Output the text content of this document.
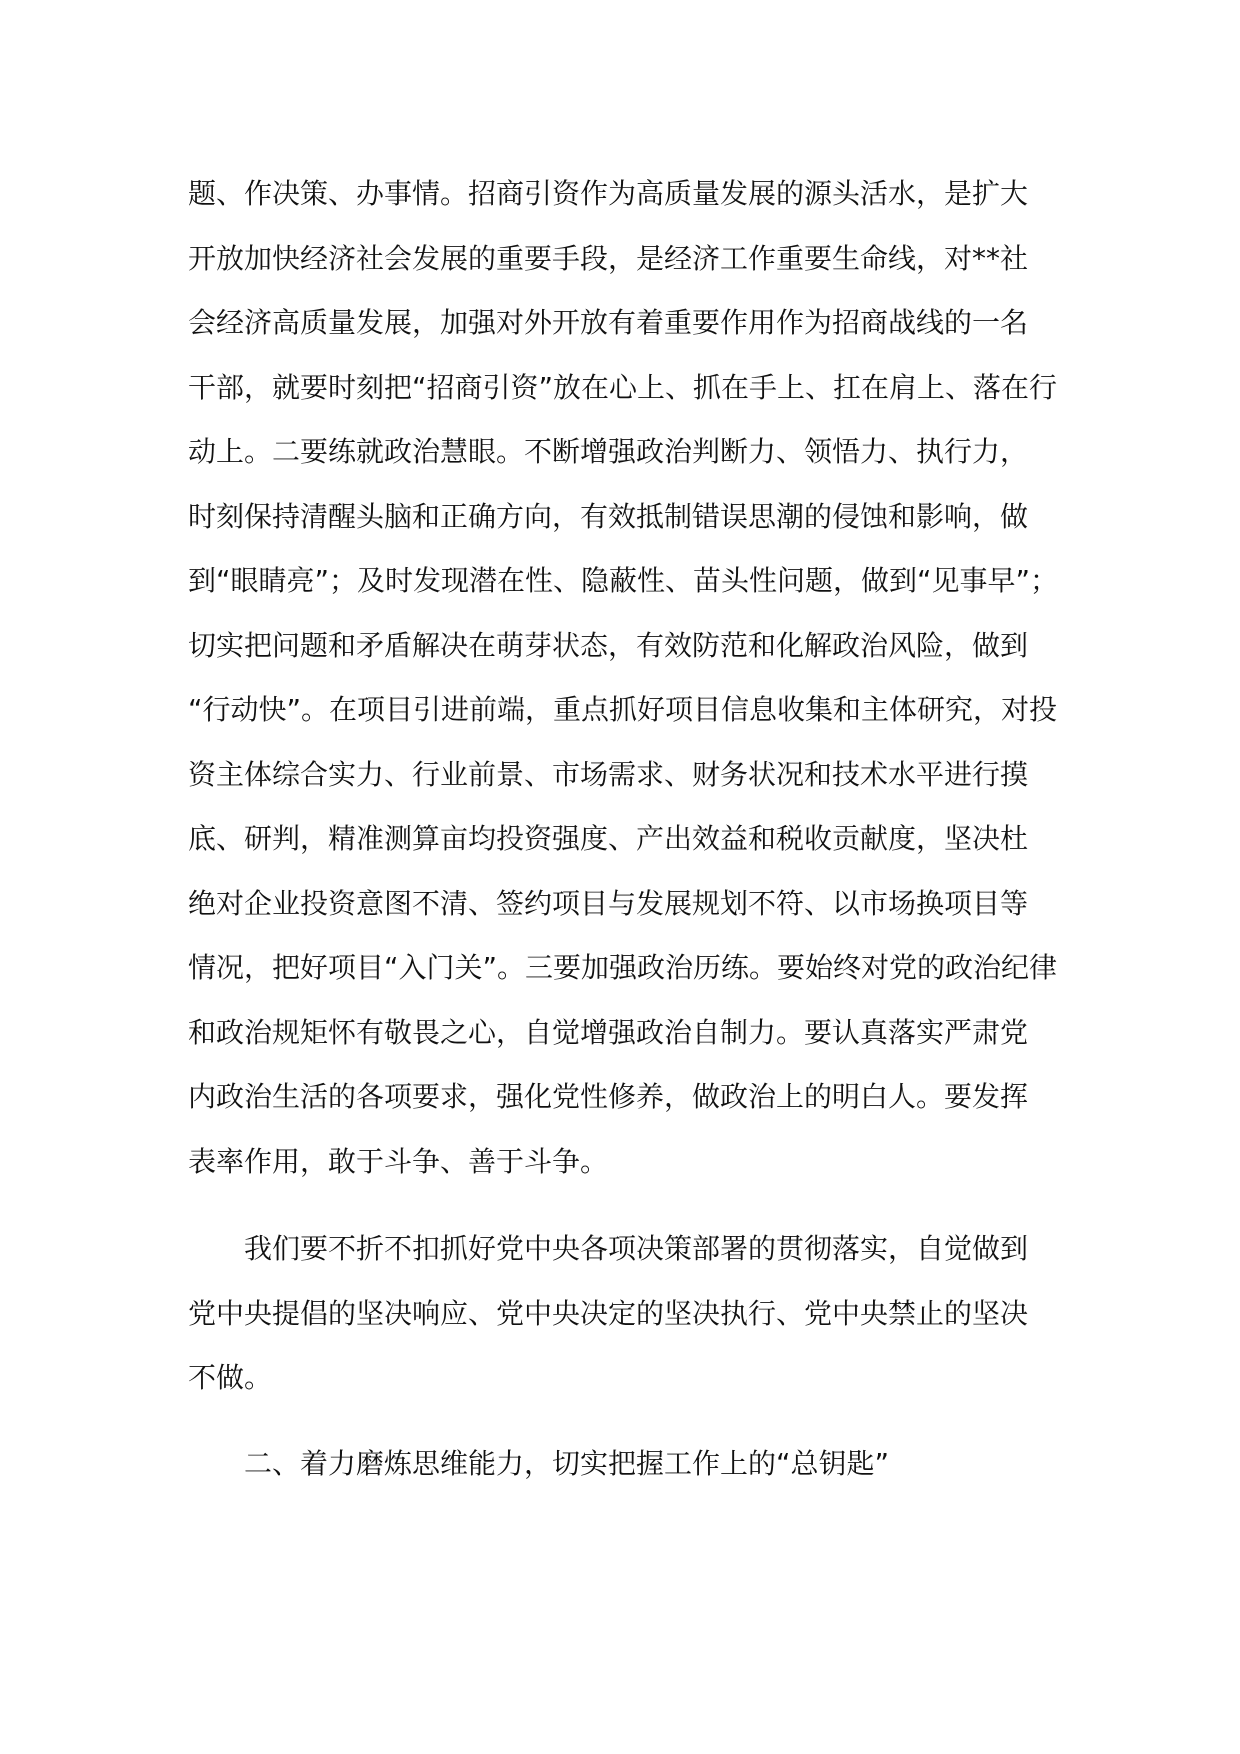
题、作决策、办事情。招商引资作为高质量发展的源头活水，是扩大
开放加快经济社会发展的重要手段，是经济工作重要生命线，对**社
会经济高质量发展，加强对外开放有着重要作用作为招商战线的一名
干部，就要时刻把“招商引资”放在心上、抓在手上、扛在肩上、落在行
动上。二要练就政治慧眼。不断增强政治判断力、领悟力、执行力，
时刻保持清醒头脑和正确方向，有效抵制错误思潮的侵蚀和影响，做
到“眼睛亮”；及时发现潜在性、隐蔽性、苗头性问题，做到“见事早”；
切实把问题和矛盾解决在萌芽状态，有效防范和化解政治风险，做到
“行动快”。在项目引进前端，重点抓好项目信息收集和主体研究，对投
资主体综合实力、行业前景、市场需求、财务状况和技术水平进行摸
底、研判，精准测算亩均投资强度、产出效益和税收贡献度，坚决杜
绝对企业投资意图不清、签约项目与发展规划不符、以市场换项目等
情况，把好项目“入门关”。三要加强政治历练。要始终对党的政治纪律
和政治规矩怀有敬畏之心，自觉增强政治自制力。要认真落实严肃党
内政治生活的各项要求，强化党性修养，做政治上的明白人。要发挥
表率作用，敢于斗争、善于斗争。
我们要不折不扣抓好党中央各项决策部署的贯彻落实，自觉做到
党中央提倡的坚决响应、党中央决定的坚决执行、党中央禁止的坚决
不做。
二、着力磨炼思维能力，切实把握工作上的“总钥匙”
